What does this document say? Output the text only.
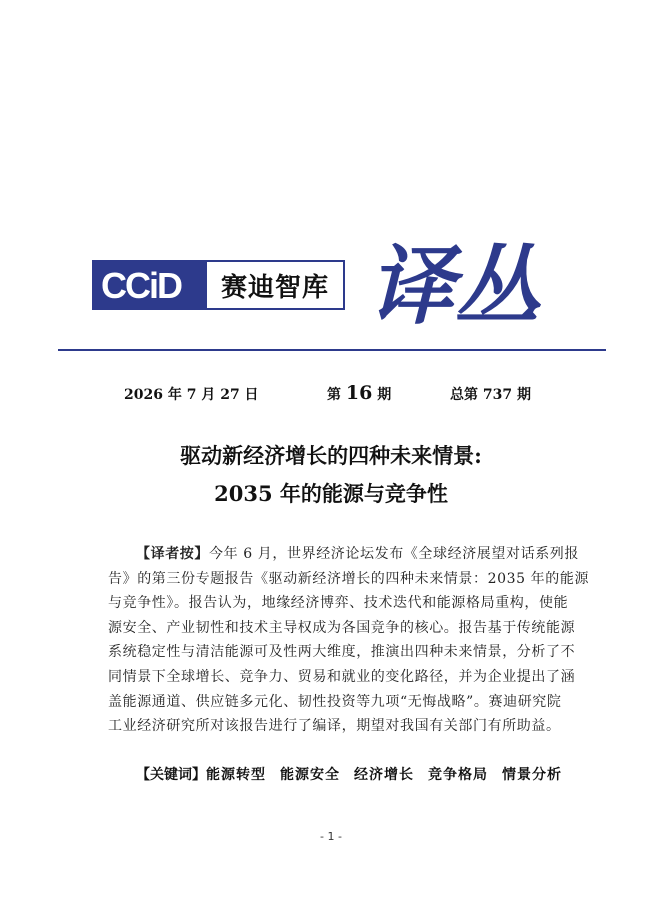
CCiD	赛迪智库 译丛
2026 年 7 月 27 日	第 16 期	总第 737 期
驱动新经济增长的四种未来情景:
2035 年的能源与竞争性
【译者按】今年 6 月，世界经济论坛发布《全球经济展望对话系列报
告》的第三份专题报告《驱动新经济增长的四种未来情景：2035 年的能源
与竞争性》。报告认为，地缘经济博弈、技术迭代和能源格局重构，使能
源安全、产业韧性和技术主导权成为各国竞争的核心。报告基于传统能源
系统稳定性与清洁能源可及性两大维度，推演出四种未来情景，分析了不
同情景下全球增长、竞争力、贸易和就业的变化路径，并为企业提出了涵
盖能源通道、供应链多元化、韧性投资等九项“无悔战略”。赛迪研究院
工业经济研究所对该报告进行了编译，期望对我国有关部门有所助益。
【关键词】能源转型 能源安全 经济增长 竞争格局 情景分析
- 1 -
